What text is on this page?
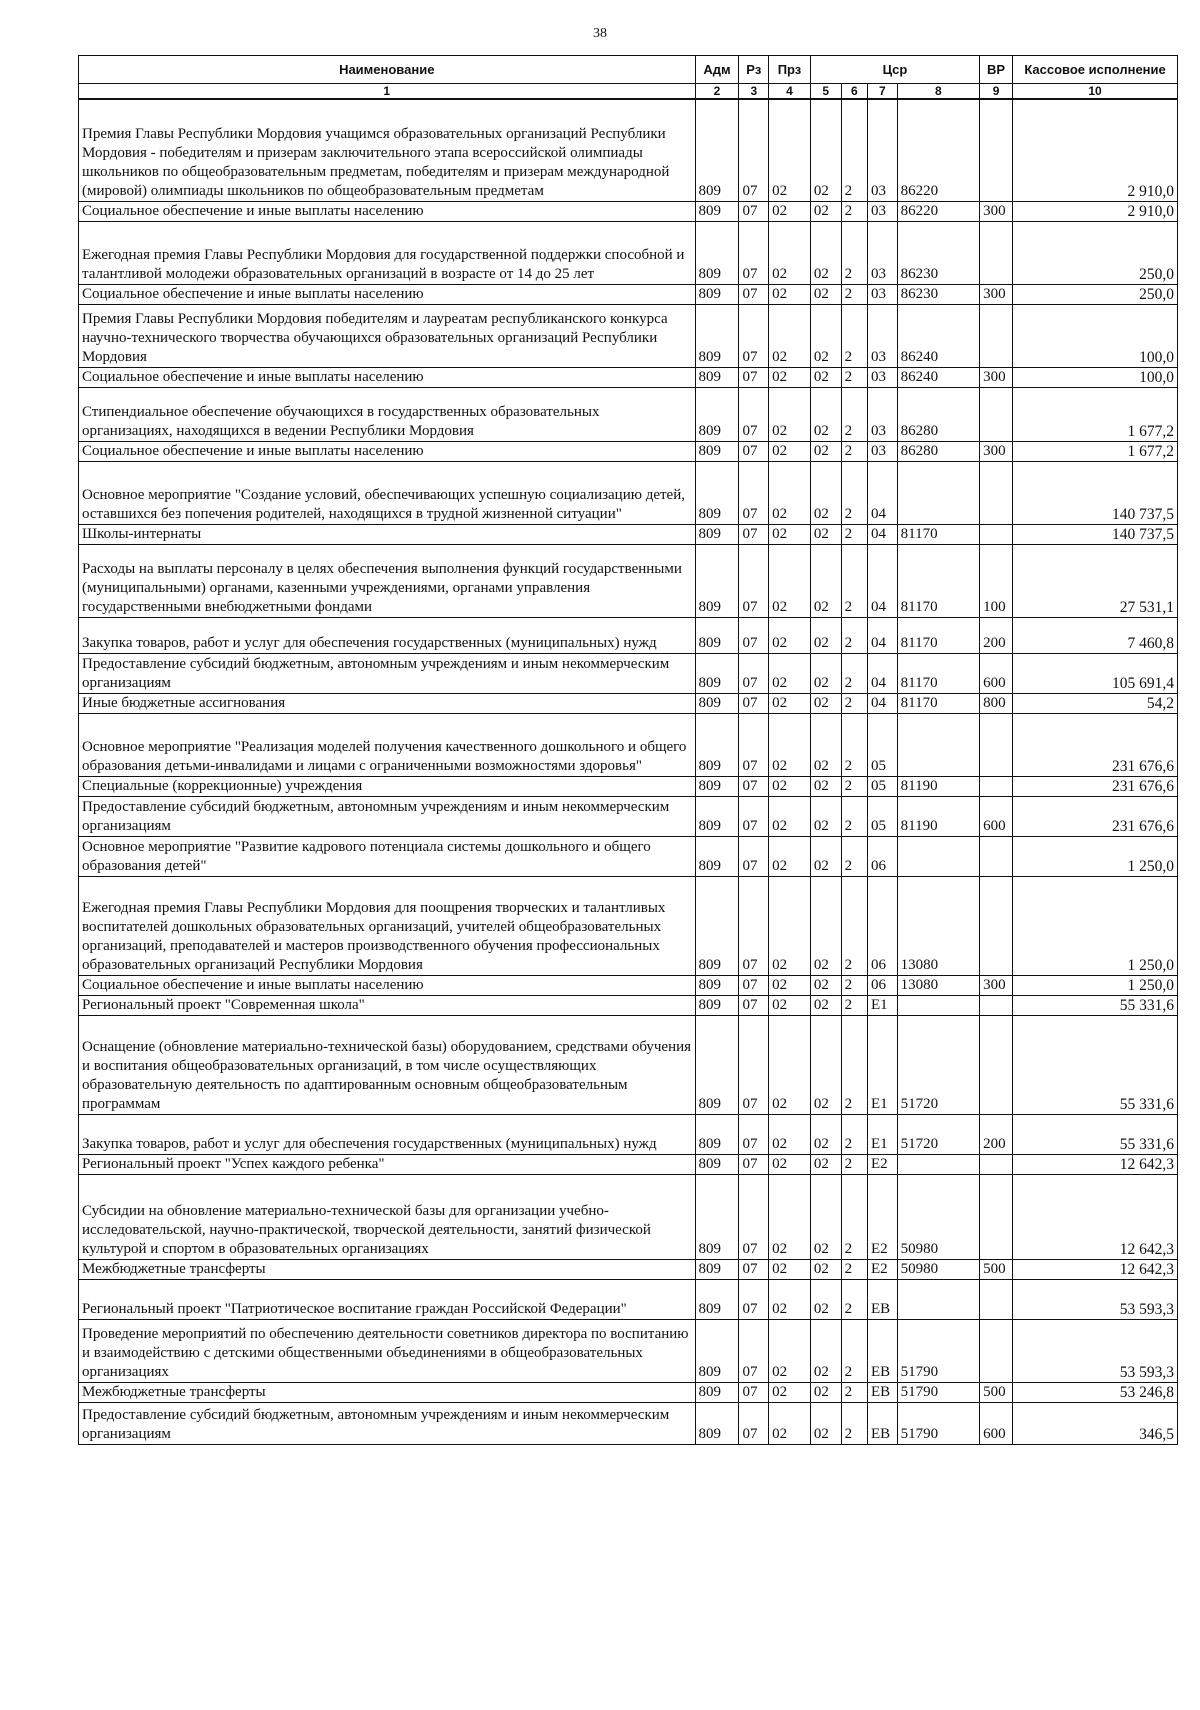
38
Наименование	Адм	Рз	Прз	Цср				ВР	Кассовое исполнение
1	2	3	4	5	6	7	8	9	10
Премия Главы Республики Мордовия учащимся образовательных организаций Республики Мордовия - победителям и призерам заключительного этапа всероссийской олимпиады школьников по общеобразовательным предметам, победителям и призерам международной (мировой) олимпиады школьников по общеобразовательным предметам	809	07	02	02	2	03	86220		2 910,0
Социальное обеспечение и иные выплаты населению	809	07	02	02	2	03	86220	300	2 910,0
Ежегодная премия Главы Республики Мордовия для государственной поддержки способной и талантливой молодежи образовательных организаций в возрасте от 14 до 25 лет	809	07	02	02	2	03	86230		250,0
Социальное обеспечение и иные выплаты населению	809	07	02	02	2	03	86230	300	250,0
Премия Главы Республики Мордовия победителям и лауреатам республиканского конкурса научно-технического творчества обучающихся образовательных организаций Республики Мордовия	809	07	02	02	2	03	86240		100,0
Социальное обеспечение и иные выплаты населению	809	07	02	02	2	03	86240	300	100,0
Стипендиальное обеспечение обучающихся в государственных образовательных организациях, находящихся в ведении Республики Мордовия	809	07	02	02	2	03	86280		1 677,2
Социальное обеспечение и иные выплаты населению	809	07	02	02	2	03	86280	300	1 677,2
Основное мероприятие "Создание условий, обеспечивающих успешную социализацию детей, оставшихся без попечения родителей, находящихся в трудной жизненной ситуации"	809	07	02	02	2	04			140 737,5
Школы-интернаты	809	07	02	02	2	04	81170		140 737,5
Расходы на выплаты персоналу в целях обеспечения выполнения функций государственными (муниципальными) органами, казенными учреждениями, органами управления государственными внебюджетными фондами	809	07	02	02	2	04	81170	100	27 531,1
Закупка товаров, работ и услуг для обеспечения государственных (муниципальных) нужд	809	07	02	02	2	04	81170	200	7 460,8
Предоставление субсидий бюджетным, автономным учреждениям и иным некоммерческим организациям	809	07	02	02	2	04	81170	600	105 691,4
Иные бюджетные ассигнования	809	07	02	02	2	04	81170	800	54,2
Основное мероприятие "Реализация моделей получения качественного дошкольного и общего образования детьми-инвалидами и лицами с ограниченными возможностями здоровья"	809	07	02	02	2	05			231 676,6
Специальные (коррекционные) учреждения	809	07	02	02	2	05	81190		231 676,6
Предоставление субсидий бюджетным, автономным учреждениям и иным некоммерческим организациям	809	07	02	02	2	05	81190	600	231 676,6
Основное мероприятие "Развитие кадрового потенциала системы дошкольного и общего образования детей"	809	07	02	02	2	06			1 250,0
Ежегодная премия Главы Республики Мордовия для поощрения творческих и талантливых воспитателей дошкольных образовательных организаций, учителей общеобразовательных организаций, преподавателей и мастеров производственного обучения профессиональных образовательных организаций Республики Мордовия	809	07	02	02	2	06	13080		1 250,0
Социальное обеспечение и иные выплаты населению	809	07	02	02	2	06	13080	300	1 250,0
Региональный проект "Современная школа"	809	07	02	02	2	E1			55 331,6
Оснащение (обновление материально-технической базы) оборудованием, средствами обучения и воспитания общеобразовательных организаций, в том числе осуществляющих образовательную деятельность по адаптированным основным общеобразовательным программам	809	07	02	02	2	E1	51720		55 331,6
Закупка товаров, работ и услуг для обеспечения государственных (муниципальных) нужд	809	07	02	02	2	E1	51720	200	55 331,6
Региональный проект "Успех каждого ребенка"	809	07	02	02	2	E2			12 642,3
Субсидии на обновление материально-технической базы для организации учебно-исследовательской, научно-практической, творческой деятельности, занятий физической культурой и спортом в образовательных организациях	809	07	02	02	2	E2	50980		12 642,3
Межбюджетные трансферты	809	07	02	02	2	E2	50980	500	12 642,3
Региональный проект "Патриотическое воспитание граждан Российской Федерации"	809	07	02	02	2	EB			53 593,3
Проведение мероприятий по обеспечению деятельности советников директора по воспитанию и взаимодействию с детскими общественными объединениями в общеобразовательных организациях	809	07	02	02	2	EB	51790		53 593,3
Межбюджетные трансферты	809	07	02	02	2	EB	51790	500	53 246,8
Предоставление субсидий бюджетным, автономным учреждениям и иным некоммерческим организациям	809	07	02	02	2	EB	51790	600	346,5
